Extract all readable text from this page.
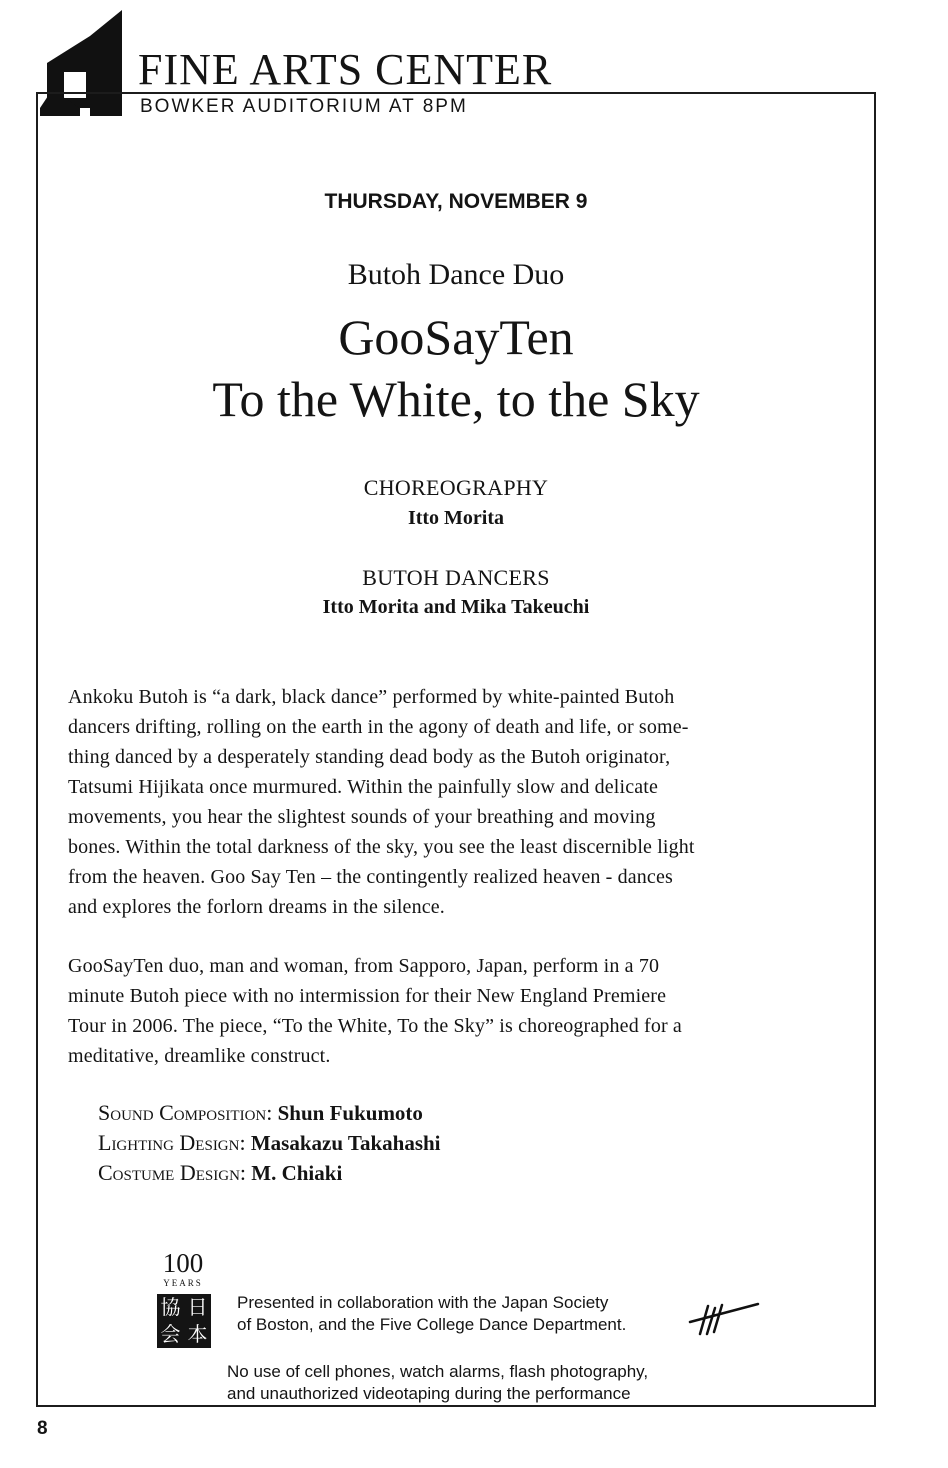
FINE ARTS CENTER
BOWKER AUDITORIUM AT 8PM
THURSDAY, NOVEMBER 9
Butoh Dance Duo
GooSayTen
To the White, to the Sky
CHOREOGRAPHY
Itto Morita
BUTOH DANCERS
Itto Morita and Mika Takeuchi
Ankoku Butoh is “a dark, black dance” performed by white-painted Butoh
dancers drifting, rolling on the earth in the agony of death and life, or some-
thing danced by a desperately standing dead body as the Butoh originator,
Tatsumi Hijikata once murmured. Within the painfully slow and delicate
movements, you hear the slightest sounds of your breathing and moving
bones. Within the total darkness of the sky, you see the least discernible light
from the heaven. Goo Say Ten – the contingently realized heaven - dances
and explores the forlorn dreams in the silence.
GooSayTen duo, man and woman, from Sapporo, Japan, perform in a 70
minute Butoh piece with no intermission for their New England Premiere
Tour in 2006. The piece, “To the White, To the Sky” is choreographed for a
meditative, dreamlike construct.
Sound Composition: Shun Fukumoto
Lighting Design: Masakazu Takahashi
Costume Design: M. Chiaki
100
YEARS
協 日
会 本
Presented in collaboration with the Japan Society
of Boston, and the Five College Dance Department.
No use of cell phones, watch alarms, flash photography,
and unauthorized videotaping during the performance
8
